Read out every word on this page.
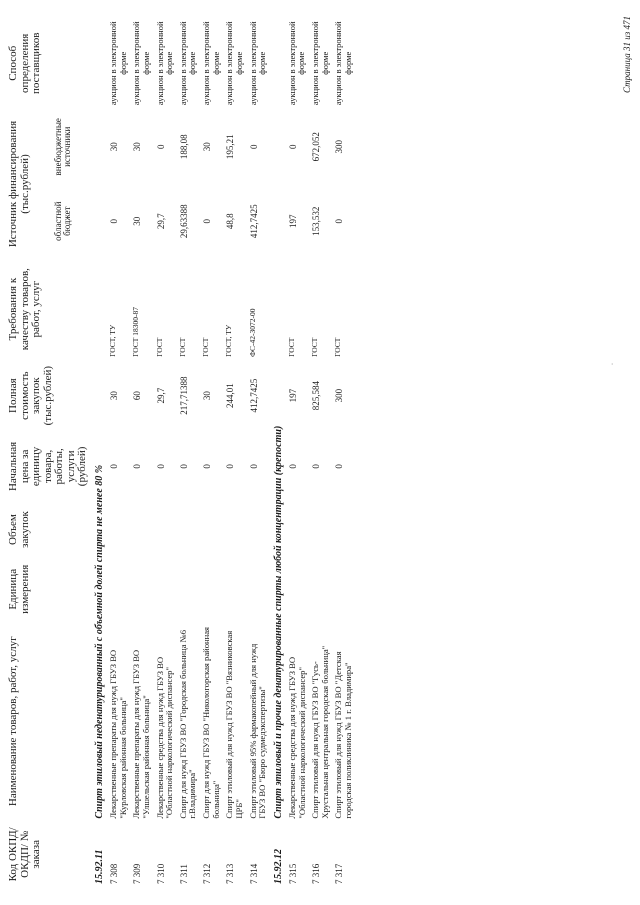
Код ОКПД/ ОКДП/ № заказа	Наименование товаров, работ, услуг	Единица измерения	Объем закупок	Начальная цена за единицу товара, работы, услуги (рублей)	Полная стоимость закупок (тыс.рублей)	Требования к качеству товаров, работ, услуг	Источник финансирования (тыс.рублей)		Способ определения поставщиков
							областной бюджет	внебюджетные источники	
15.92.11	Спирт этиловый неденатурированный с объемной долей спирта не менее 80 %								
7 308	Лекарственные препараты для нужд ГБУЗ ВО "Курловская районная больница"			0	30	ГОСТ, ТУ	0	30	аукцион в электронной форме
7 309	Лекарственные препараты для нужд ГБУЗ ВО "Улшельская районная больница"			0	60	ГОСТ 18300-87	30	30	аукцион в электронной форме
7 310	Лекарственные средства для нужд ГБУЗ ВО "Областной наркологический диспансер"			0	29,7	ГОСТ	29,7	0	аукцион в электронной форме
7 311	Спирт для нужд ГБУЗ ВО "Городская больница №6 г.Владимира"			0	217,71388	ГОСТ	29,63388	188,08	аукцион в электронной форме
7 312	Спирт для нужд ГБУЗ ВО "Никологорская районная больница"			0	30	ГОСТ	0	30	аукцион в электронной форме
7 313	Спирт этиловый для нужд ГБУЗ ВО "Вязниковская ЦРБ"			0	244,01	ГОСТ, ТУ	48,8	195,21	аукцион в электронной форме
7 314	Спирт этиловый 95% фармакопейный для нужд ГБУЗ ВО "Бюро судмедэкспертизы"			0	412,7425	ФС-42-3072-00	412,7425	0	аукцион в электронной форме
15.92.12	Спирт этиловый и прочие денатурированные спирты любой концентрации (крепости)								
7 315	Лекарственные средства для нужд ГБУЗ ВО "Областной наркологический диспансер"			0	197	ГОСТ	197	0	аукцион в электронной форме
7 316	Спирт этиловый для нужд ГБУЗ ВО "Гусь-Хрустальная центральная городская больница"			0	825,584	ГОСТ	153,532	672,052	аукцион в электронной форме
7 317	Спирт этиловый для нужд ГБУЗ ВО "Детская городская поликлиника № 1 г. Владимира"			0	300	ГОСТ	0	300	аукцион в электронной форме
·
Страница 31 из 471
